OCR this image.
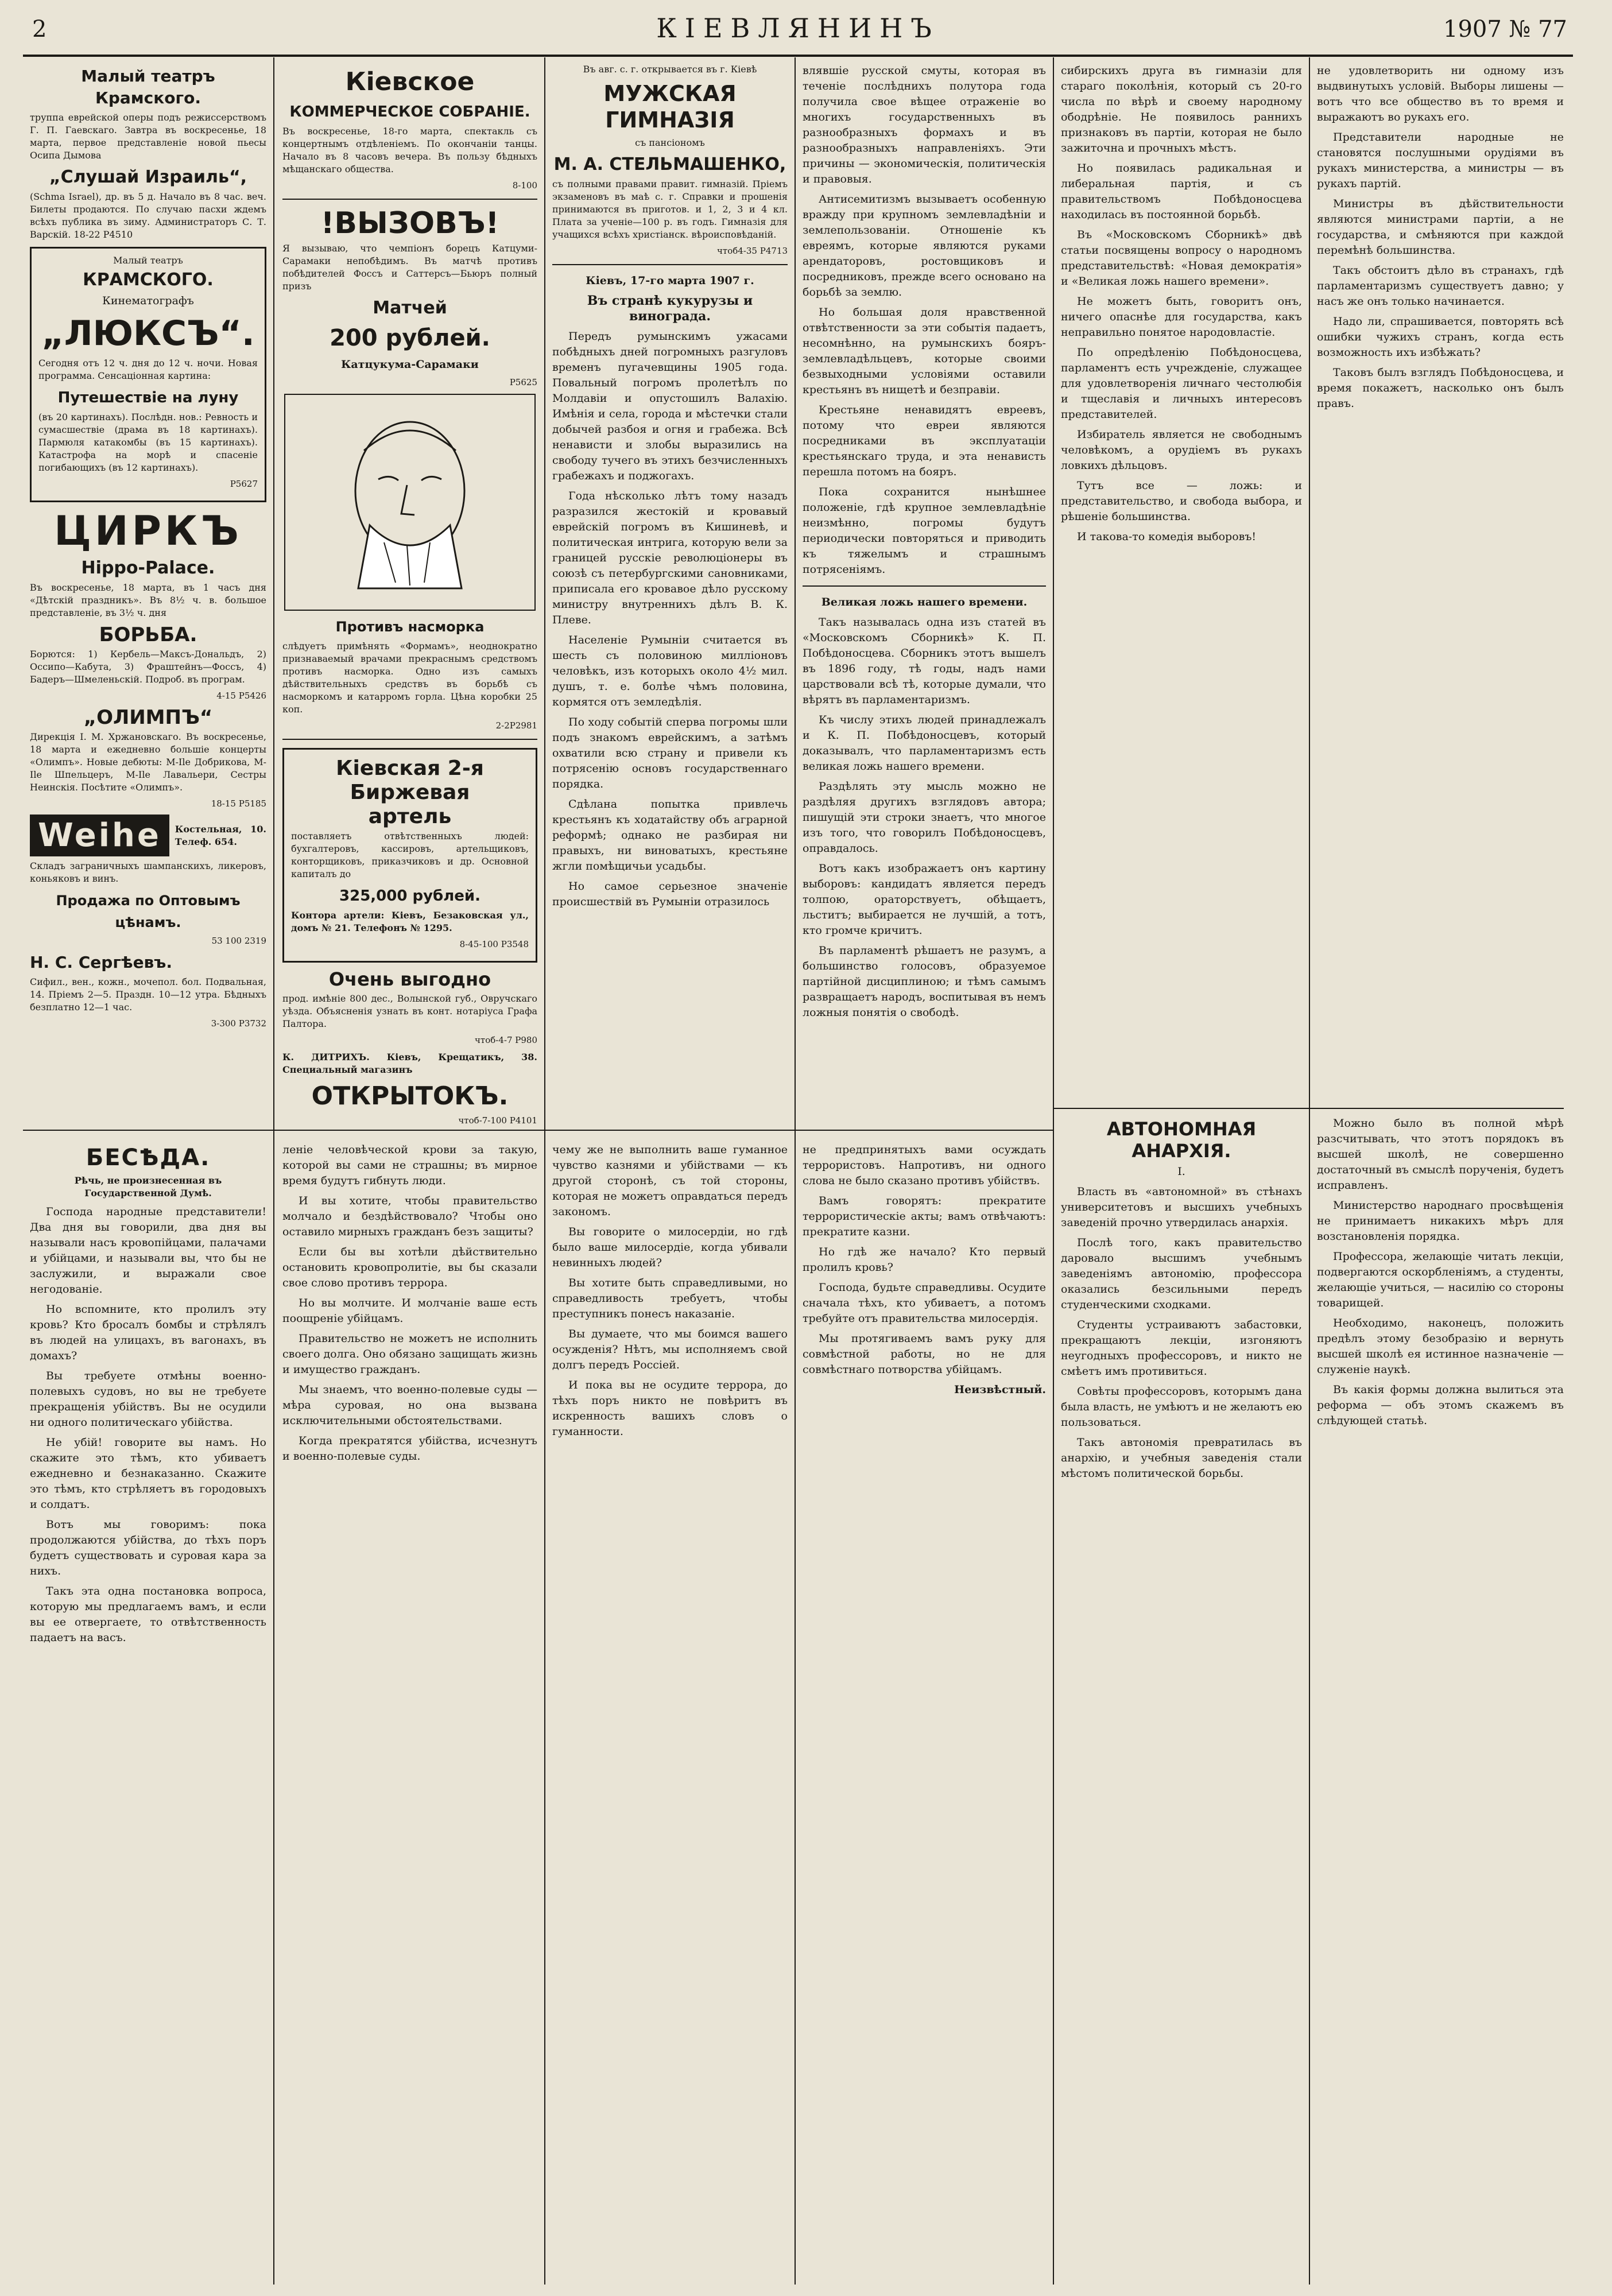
2	КІЕВЛЯНИНЪ	1907 № 77
Малый театръ Крамского.

труппа еврейской оперы подъ режиссерствомъ Г. П. Гаевскаго. Завтра въ воскресенье, 18 марта, первое представленіе новой пьесы Осипа Дымова

„Слушай Израиль“,

(Schma Israel), др. въ 5 д. Начало въ 8 час. веч. Билеты продаются. По случаю пасхи ждемъ всѣхъ публика въ зиму. Администраторъ С. Т. Варскій. 18-22 Р4510

Малый театръ
КРАМСКОГО.
Кинематографъ
„ЛЮКСЪ“.

Сегодня отъ 12 ч. дня до 12 ч. ночи. Новая программа. Сенсаціонная картина:

Путешествіе на луну

(въ 20 картинахъ). Послѣдн. нов.: Ревность и сумасшествіе (драма въ 18 картинахъ). Пармюля катакомбы (въ 15 картинахъ). Катастрофа на морѣ и спасеніе погибающихъ (въ 12 картинахъ).

Р5627
ЦИРКЪ
Hippo-Palace.

Въ воскресенье, 18 марта, въ 1 часъ дня «Дѣтскій праздникъ». Въ 8½ ч. в. большое представленіе, въ 3½ ч. дня

БОРЬБА.

Борются: 1) Кербель—Максъ-Дональдъ, 2) Оссипо—Кабута, 3) Фраштейнъ—Фоссъ, 4) Бадеръ—Шмеленьскій. Подроб. въ програм.

4-15 Р5426
„ОЛИМПЪ“

Дирекція І. М. Хржановскаго. Въ воскресенье, 18 марта и ежедневно большіе концерты «Олимпъ». Новые дебюты: М-Ile Добрикова, М-Ile Шпельцеръ, М-Ile Лавальери, Сестры Неинскія. Посѣтите «Олимпъ».

18-15 Р5185
Weihe	Костельная, 10. Телеф. 654.

Складъ заграничныхъ шампанскихъ, ликеровъ, коньяковъ и винъ.

Продажа по Оптовымъ цѣнамъ.
53 100 2319
Н. С. Сергѣевъ.

Сифил., вен., кожн., мочепол. бол. Подвальная, 14. Пріемъ 2—5. Праздн. 10—12 утра. Бѣдныхъ безплатно 12—1 час.

3-300 Р3732
Кіевское
КОММЕРЧЕСКОЕ СОБРАНІЕ.

Въ воскресенье, 18-го марта, спектакль съ концертнымъ отдѣленіемъ. По окончаніи танцы. Начало въ 8 часовъ вечера. Въ пользу бѣдныхъ мѣщанскаго общества.

8-100
!ВЫЗОВЪ!

Я вызываю, что чемпіонъ борецъ Катцуми-Сарамаки непобѣдимъ. Въ матчѣ противъ побѣдителей Фоссъ и Саттерсъ—Бьюръ полный призъ

Матчей
200 рублей.
Катцукума-Сарамаки
Р5625
Противъ насморка

слѣдуетъ примѣнять «Формамъ», неоднократно признаваемый врачами прекраснымъ средствомъ противъ насморка. Одно изъ самыхъ дѣйствительныхъ средствъ въ борьбѣ съ насморкомъ и катарромъ горла. Цѣна коробки 25 коп.

2-2Р2981
Кіевская 2-я
Биржевая
артель

поставляетъ отвѣтственныхъ людей: бухгалтеровъ, кассировъ, артельщиковъ, конторщиковъ, приказчиковъ и др. Основной капиталъ до

325,000 рублей.

Контора артели: Кіевъ, Безаковская ул., домъ № 21. Телефонъ № 1295.

8-45-100 Р3548
Очень выгодно

прод. имѣніе 800 дес., Волынской губ., Овручскаго уѣзда. Объясненія узнать въ конт. нотаріуса Графа Палтора.

чтоб-4-7 Р980

К. ДИТРИХЪ. Кіевъ, Крещатикъ, 38. Специальный магазинъ

ОТКРЫТОКЪ.
чтоб-7-100 Р4101

Въ авг. с. г. открывается въ г. Кіевѣ
МУЖСКАЯ ГИМНАЗІЯ
съ пансіономъ
М. А. СТЕЛЬМАШЕНКО,

съ полными правами правит. гимназій. Пріемъ экзаменовъ въ маѣ с. г. Справки и прошенія принимаются въ приготов. и 1, 2, 3 и 4 кл. Плата за ученіе—100 р. въ годъ. Гимназія для учащихся всѣхъ христіанск. вѣроисповѣданій.

чтоб4-35 Р4713
Кіевъ, 17-го марта 1907 г.
Въ странѣ кукурузы и винограда.

Передъ румынскимъ ужасами побѣдныхъ дней погромныхъ разгуловъ временъ пугачевщины 1905 года. Повальный погромъ пролетѣлъ по Молдавіи и опустошилъ Валахію. Имѣнія и села, города и мѣстечки стали добычей разбоя и огня и грабежа. Всѣ ненависти и злобы выразились на свободу тучего въ этихъ безчисленныхъ грабежахъ и поджогахъ.

Года нѣсколько лѣтъ тому назадъ разразился жестокій и кровавый еврейскій погромъ въ Кишиневѣ, и политическая интрига, которую вели за границей русскіе революціонеры въ союзѣ съ петербургскими сановниками, приписала его кровавое дѣло русскому министру внутреннихъ дѣлъ В. К. Плеве.

Населеніе Румыніи считается въ шесть съ половиною милліоновъ человѣкъ, изъ которыхъ около 4½ мил. душъ, т. е. болѣе чѣмъ половина, кормятся отъ земледѣлія.

По ходу событій сперва погромы шли подъ знакомъ еврейскимъ, а затѣмъ охватили всю страну и привели къ потрясенію основъ государственнаго порядка.

Сдѣлана попытка привлечь крестьянъ къ ходатайству объ аграрной реформѣ; однако не разбирая ни правыхъ, ни виноватыхъ, крестьяне жгли помѣщичьи усадьбы.

Но самое серьезное значеніе происшествій въ Румыніи отразилось

влявшіе русской смуты, которая въ теченіе послѣднихъ полутора года получила свое вѣщее отраженіе во многихъ государственныхъ въ разнообразныхъ формахъ и въ разнообразныхъ направленіяхъ. Эти причины — экономическія, политическія и правовыя.

Антисемитизмъ вызываетъ особенную вражду при крупномъ землевладѣніи и землепользованіи. Отношеніе къ евреямъ, которые являются руками арендаторовъ, ростовщиковъ и посредниковъ, прежде всего основано на борьбѣ за землю.

Но большая доля нравственной отвѣтственности за эти событія падаетъ, несомнѣнно, на румынскихъ бояръ-землевладѣльцевъ, которые своими безвыходными условіями оставили крестьянъ въ нищетѣ и безправіи.

Крестьяне ненавидятъ евреевъ, потому что евреи являются посредниками въ эксплуатаціи крестьянскаго труда, и эта ненависть перешла потомъ на бояръ.

Пока сохранится нынѣшнее положеніе, гдѣ крупное землевладѣніе неизмѣнно, погромы будутъ периодически повторяться и приводить къ тяжелымъ и страшнымъ потрясеніямъ.

Великая ложь нашего времени.

Такъ называлась одна изъ статей въ «Московскомъ Сборникѣ» К. П. Побѣдоносцева. Сборникъ этотъ вышелъ въ 1896 году, тѣ годы, надъ нами царствовали всѣ тѣ, которые думали, что вѣрятъ въ парламентаризмъ.

Къ числу этихъ людей принадлежалъ и К. П. Побѣдоносцевъ, который доказывалъ, что парламентаризмъ есть великая ложь нашего времени.

Раздѣлять эту мысль можно не раздѣляя другихъ взглядовъ автора; пишущій эти строки знаетъ, что многое изъ того, что говорилъ Побѣдоносцевъ, оправдалось.

Вотъ какъ изображаетъ онъ картину выборовъ: кандидатъ является передъ толпою, ораторствуетъ, обѣщаетъ, льститъ; выбирается не лучшій, а тотъ, кто громче кричитъ.

Въ парламентѣ рѣшаетъ не разумъ, а большинство голосовъ, образуемое партійной дисциплиною; и тѣмъ самымъ развращаетъ народъ, воспитывая въ немъ ложныя понятія о свободѣ.

сибирскихъ друга въ гимназіи для стараго поколѣнія, который съ 20-го числа по вѣрѣ и своему народному ободрѣніе. Не появилось раннихъ признаковъ въ партіи, которая не было зажиточна и прочныхъ мѣстъ.

Но появилась радикальная и либеральная партія, и съ правительствомъ Побѣдоносцева находилась въ постоянной борьбѣ.

Въ «Московскомъ Сборникѣ» двѣ статьи посвящены вопросу о народномъ представительствѣ: «Новая демократія» и «Великая ложь нашего времени».

Не можетъ быть, говоритъ онъ, ничего опаснѣе для государства, какъ неправильно понятое народовластіе.

По опредѣленію Побѣдоносцева, парламентъ есть учрежденіе, служащее для удовлетворенія личнаго честолюбія и тщеславія и личныхъ интересовъ представителей.

Избиратель является не свободнымъ человѣкомъ, а орудіемъ въ рукахъ ловкихъ дѣльцовъ.

Тутъ все — ложь: и представительство, и свобода выбора, и рѣшеніе большинства.

И такова-то комедія выборовъ!

не удовлетворить ни одному изъ выдвинутыхъ условій. Выборы лишены — вотъ что все общество въ то время и выражаютъ во рукахъ его.

Представители народные не становятся послушными орудіями въ рукахъ министерства, а министры — въ рукахъ партій.

Министры въ дѣйствительности являются министрами партіи, а не государства, и смѣняются при каждой перемѣнѣ большинства.

Такъ обстоитъ дѣло въ странахъ, гдѣ парламентаризмъ существуетъ давно; у насъ же онъ только начинается.

Надо ли, спрашивается, повторять всѣ ошибки чужихъ странъ, когда есть возможность ихъ избѣжать?

Таковъ былъ взглядъ Побѣдоносцева, и время покажетъ, насколько онъ былъ правъ.

БЕСѢДА.
Рѣчь, не произнесенная въ Государственной Думѣ.

Господа народные представители! Два дня вы говорили, два дня вы называли насъ кровопійцами, палачами и убійцами, и называли вы, что бы не заслужили, и выражали свое негодованіе.

Но вспомните, кто пролилъ эту кровь? Кто бросалъ бомбы и стрѣлялъ въ людей на улицахъ, въ вагонахъ, въ домахъ?

Вы требуете отмѣны военно-полевыхъ судовъ, но вы не требуете прекращенія убійствъ. Вы не осудили ни одного политическаго убійства.

Не убій! говорите вы намъ. Но скажите это тѣмъ, кто убиваетъ ежедневно и безнаказанно. Скажите это тѣмъ, кто стрѣляетъ въ городовыхъ и солдатъ.

Вотъ мы говоримъ: пока продолжаются убійства, до тѣхъ поръ будетъ существовать и суровая кара за нихъ.

Такъ эта одна постановка вопроса, которую мы предлагаемъ вамъ, и если вы ее отвергаете, то отвѣтственность падаетъ на васъ.

леніе человѣческой крови за такую, которой вы сами не страшны; въ мирное время будутъ гибнуть люди.

И вы хотите, чтобы правительство молчало и бездѣйствовало? Чтобы оно оставило мирныхъ гражданъ безъ защиты?

Если бы вы хотѣли дѣйствительно остановить кровопролитіе, вы бы сказали свое слово противъ террора.

Но вы молчите. И молчаніе ваше есть поощреніе убійцамъ.

Правительство не можетъ не исполнить своего долга. Оно обязано защищать жизнь и имущество гражданъ.

Мы знаемъ, что военно-полевые суды — мѣра суровая, но она вызвана исключительными обстоятельствами.

Когда прекратятся убійства, исчезнутъ и военно-полевые суды.

чему же не выполнить ваше гуманное чувство казнями и убійствами — къ другой сторонѣ, съ той стороны, которая не можетъ оправдаться передъ закономъ.

Вы говорите о милосердіи, но гдѣ было ваше милосердіе, когда убивали невинныхъ людей?

Вы хотите быть справедливыми, но справедливость требуетъ, чтобы преступникъ понесъ наказаніе.

Вы думаете, что мы боимся вашего осужденія? Нѣтъ, мы исполняемъ свой долгъ передъ Россіей.

И пока вы не осудите террора, до тѣхъ поръ никто не повѣритъ въ искренность вашихъ словъ о гуманности.

не предпринятыхъ вами осуждать террористовъ. Напротивъ, ни одного слова не было сказано противъ убійствъ.

Вамъ говорятъ: прекратите террористическіе акты; вамъ отвѣчаютъ: прекратите казни.

Но гдѣ же начало? Кто первый пролилъ кровь?

Господа, будьте справедливы. Осудите сначала тѣхъ, кто убиваетъ, а потомъ требуйте отъ правительства милосердія.

Мы протягиваемъ вамъ руку для совмѣстной работы, но не для совмѣстнаго потворства убійцамъ.

Неизвѣстный.

АВТОНОМНАЯ АНАРХІЯ.
I.

Власть въ «автономной» въ стѣнахъ университетовъ и высшихъ учебныхъ заведеній прочно утвердилась анархія.

Послѣ того, какъ правительство даровало высшимъ учебнымъ заведеніямъ автономію, профессора оказались безсильными передъ студенческими сходками.

Студенты устраиваютъ забастовки, прекращаютъ лекціи, изгоняютъ неугодныхъ профессоровъ, и никто не смѣетъ имъ противиться.

Совѣты профессоровъ, которымъ дана была власть, не умѣютъ и не желаютъ ею пользоваться.

Такъ автономія превратилась въ анархію, и учебныя заведенія стали мѣстомъ политической борьбы.

Можно было въ полной мѣрѣ разсчитывать, что этотъ порядокъ въ высшей школѣ, не совершенно достаточный въ смыслѣ порученія, будетъ исправленъ.

Министерство народнаго просвѣщенія не принимаетъ никакихъ мѣръ для возстановленія порядка.

Профессора, желающіе читать лекціи, подвергаются оскорбленіямъ, а студенты, желающіе учиться, — насилію со стороны товарищей.

Необходимо, наконецъ, положить предѣлъ этому безобразію и вернуть высшей школѣ ея истинное назначеніе — служеніе наукѣ.

Въ какія формы должна вылиться эта реформа — объ этомъ скажемъ въ слѣдующей статьѣ.
